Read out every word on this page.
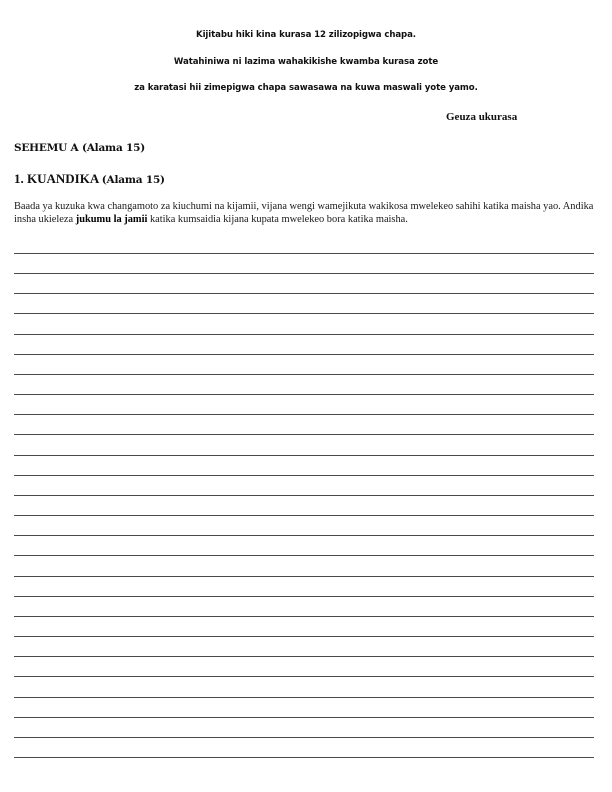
Kijitabu hiki kina kurasa 12 zilizopigwa chapa.
Watahiniwa ni lazima wahakikishe kwamba kurasa zote
za karatasi hii zimepigwa chapa sawasawa na kuwa maswali yote yamo.
Geuza ukurasa
SEHEMU A (Alama 15)
1. KUANDIKA (Alama 15)
Baada ya kuzuka kwa changamoto za kiuchumi na kijamii, vijana wengi wamejikuta wakikosa mwelekeo sahihi katika maisha yao. Andika insha ukieleza jukumu la jamii katika kumsaidia kijana kupata mwelekeo bora katika maisha.
